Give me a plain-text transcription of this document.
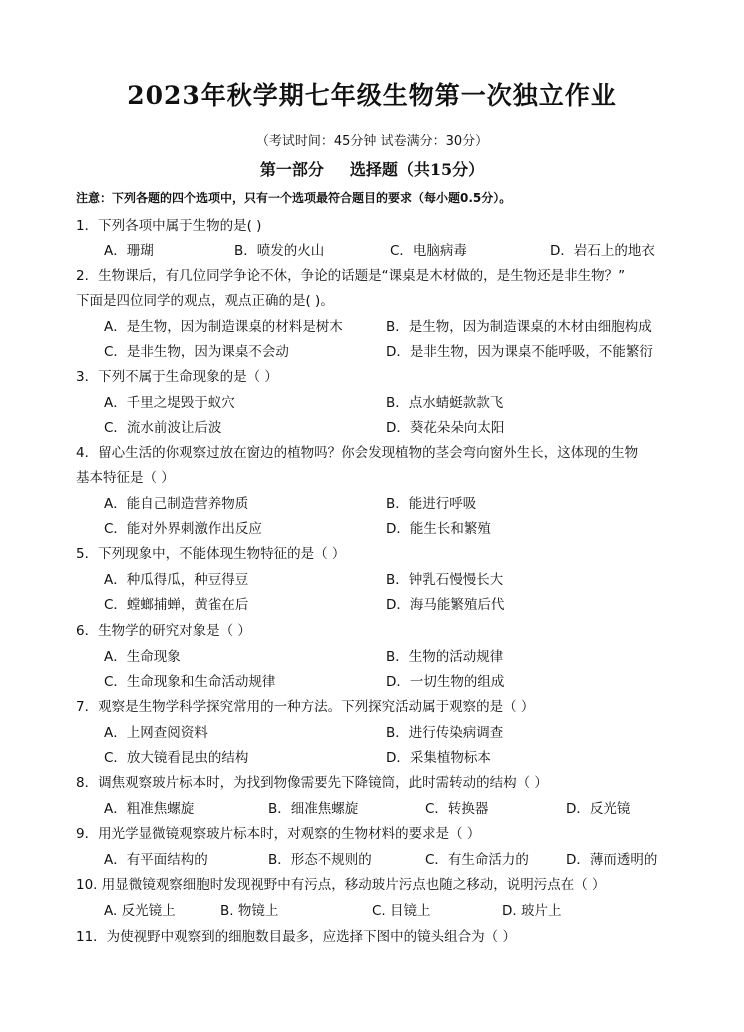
2023年秋学期七年级生物第一次独立作业
（考试时间：45分钟 试卷满分：30分）
第一部分 选择题（共15分）
注意：下列各题的四个选项中，只有一个选项最符合题目的要求（每小题0.5分）。
1．下列各项中属于生物的是( )
A．珊瑚	B．喷发的火山	C．电脑病毒	D．岩石上的地衣
2．生物课后，有几位同学争论不休，争论的话题是“课桌是木材做的，是生物还是非生物？”
下面是四位同学的观点，观点正确的是( )。
A．是生物，因为制造课桌的材料是树木	B．是生物，因为制造课桌的木材由细胞构成
C．是非生物，因为课桌不会动	D．是非生物，因为课桌不能呼吸，不能繁衍
3．下列不属于生命现象的是（ ）
A．千里之堤毁于蚁穴	B．点水蜻蜓款款飞
C．流水前波让后波	D．葵花朵朵向太阳
4．留心生活的你观察过放在窗边的植物吗？你会发现植物的茎会弯向窗外生长，这体现的生物
基本特征是（ ）
A．能自己制造营养物质	B．能进行呼吸
C．能对外界刺激作出反应	D．能生长和繁殖
5．下列现象中，不能体现生物特征的是（ ）
A．种瓜得瓜，种豆得豆	B．钟乳石慢慢长大
C．螳螂捕蝉，黄雀在后	D．海马能繁殖后代
6．生物学的研究对象是（ ）
A．生命现象	B．生物的活动规律
C．生命现象和生命活动规律	D．一切生物的组成
7．观察是生物学科学探究常用的一种方法。下列探究活动属于观察的是（ ）
A．上网查阅资料	B．进行传染病调查
C．放大镜看昆虫的结构	D．采集植物标本
8．调焦观察玻片标本时，为找到物像需要先下降镜筒，此时需转动的结构（ ）
A．粗准焦螺旋	B．细准焦螺旋	C．转换器	D．反光镜
9．用光学显微镜观察玻片标本时，对观察的生物材料的要求是（ ）
A．有平面结构的	B．形态不规则的	C．有生命活力的	D．薄而透明的
10. 用显微镜观察细胞时发现视野中有污点，移动玻片污点也随之移动，说明污点在（ ）
A. 反光镜上	B. 物镜上	C. 目镜上	D. 玻片上
11．为使视野中观察到的细胞数目最多，应选择下图中的镜头组合为（ ）
